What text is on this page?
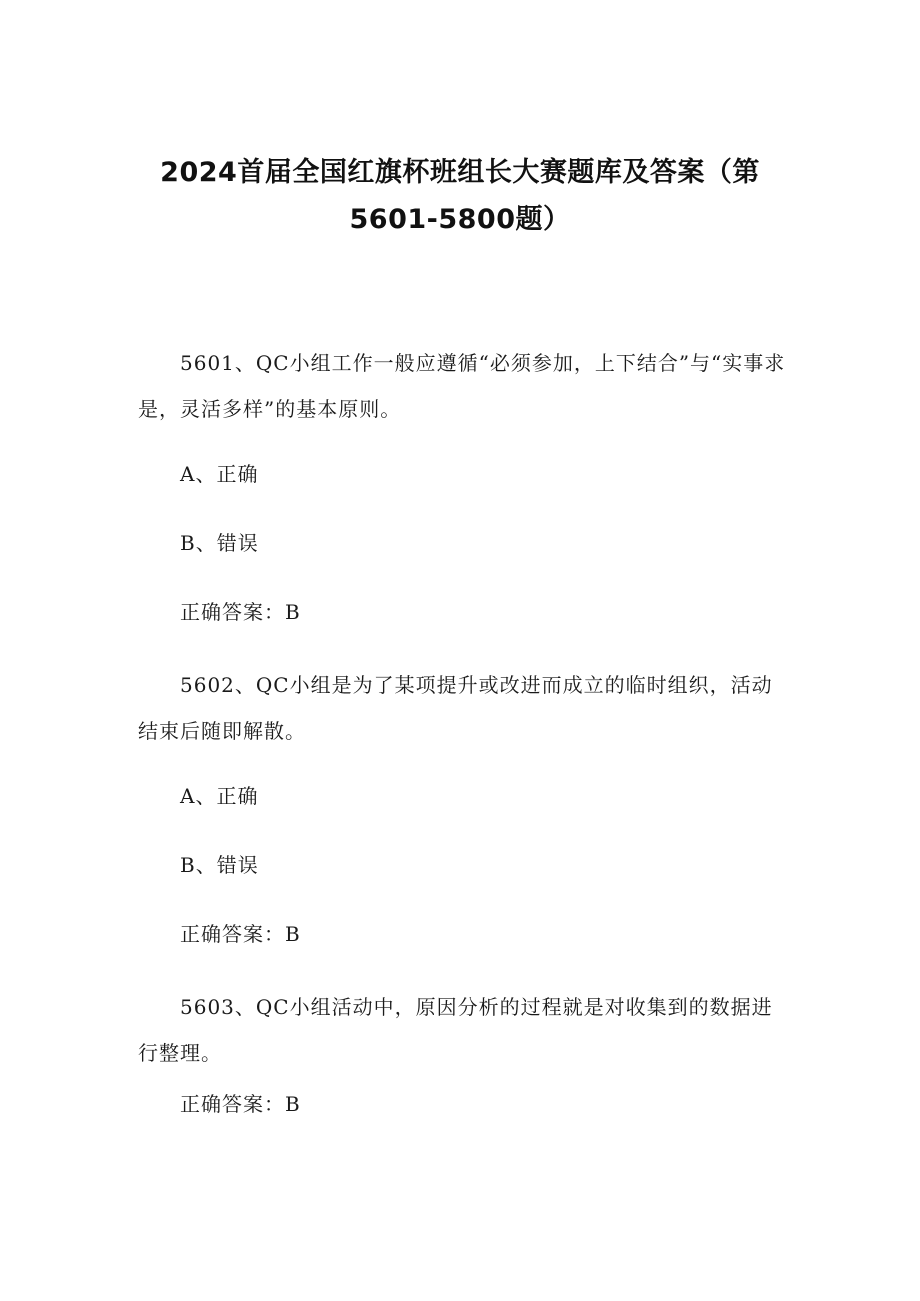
2024首届全国红旗杯班组长大赛题库及答案（第
5601-5800题）
5601、QC小组工作一般应遵循“必须参加，上下结合”与“实事求是，灵活多样”的基本原则。
A、正确
B、错误
正确答案：B
5602、QC小组是为了某项提升或改进而成立的临时组织，活动结束后随即解散。
A、正确
B、错误
正确答案：B
5603、QC小组活动中，原因分析的过程就是对收集到的数据进行整理。
正确答案：B
